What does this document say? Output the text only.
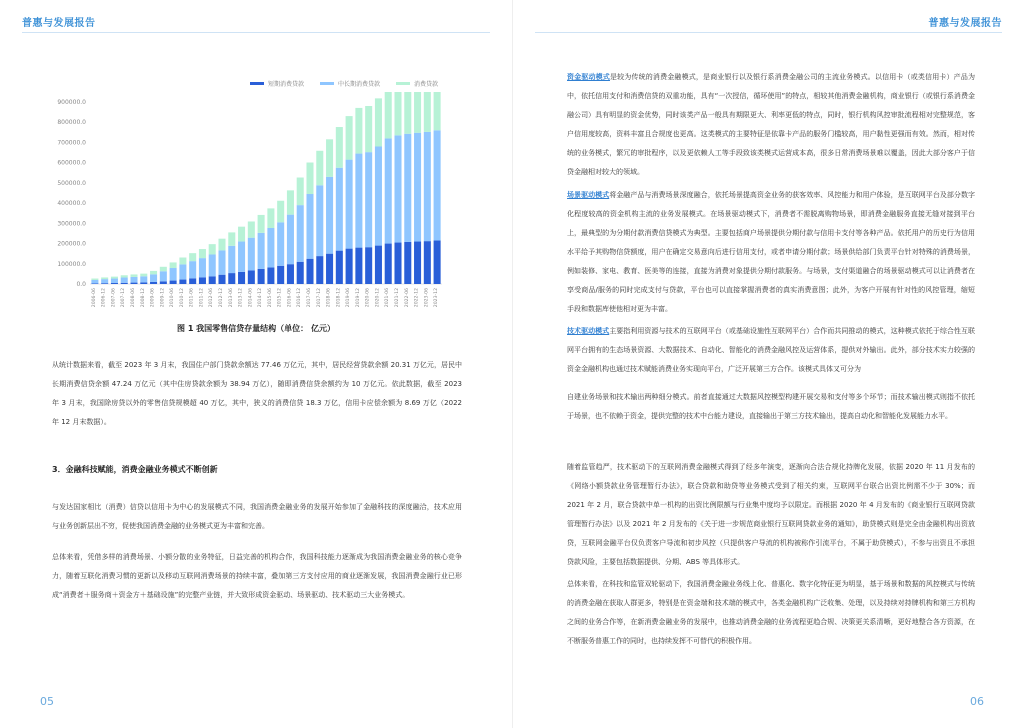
普惠与发展报告
短期消费贷款	中长期消费贷款	消费贷款
900000.0
800000.0
700000.0
600000.0
500000.0
400000.0
300000.0
200000.0
100000.0
0.0
2006-06 2006-12 2007-06 2007-12 2008-06 2008-12 2009-06 2009-12 2010-06 2010-12 2011-06 2011-12 2012-06 2012-12 2013-06 2013-12 2014-06 2014-12 2015-06 2015-12 2016-06 2016-12 2017-06 2017-12 2018-06 2018-12 2019-06 2019-12 2020-06 2020-12 2021-06 2021-12 2022-06 2022-12 2023-06 2023-12
图 1 我国零售信贷存量结构（单位： 亿元）
从统计数据来看，截至 2023 年 3 月末，我国住户部门贷款余额达 77.46 万亿元，其中，居民经营贷款余额 20.31 万亿元，居民中长期消费信贷余额 47.24 万亿元（其中住房贷款余额为 38.94 万亿），随即消费信贷余额约为 10 万亿元。依此数据，截至 2023 年 3 月末，我国除房贷以外的零售信贷规模超 40 万亿，其中，狭义的消费信贷 18.3 万亿，信用卡应偿余额为 8.69 万亿（2022 年 12 月末数据）。
3．金融科技赋能，消费金融业务模式不断创新
与发达国家相比（消费）信贷以信用卡为中心的发展模式不同，我国消费金融业务的发展开始参加了金融科技的深度融洽，技术应用与业务创新层出不穷，促使我国消费金融的业务模式更为丰富和完善。
总体来看，凭借多样的消费场景、小额分散的业务特征，日益完善的机构合作，我国科技能力逐渐成为我国消费金融业务的核心竞争力，随着互联化消费习惯的更新以及移动互联网消费场景的持续丰富，叠加第三方支付应用的商业逐渐发展，我国消费金融行业已形成“消费者＋服务商＋资金方＋基础设施”的完整产业链，并大致形成资金驱动、场景驱动、技术驱动三大业务模式。
05
普惠与发展报告
资金驱动模式是较为传统的消费金融模式，是商业银行以及银行系消费金融公司的主流业务模式。以信用卡（或类信用卡）产品为中，依托信用支付和消费信贷的双重功能，具有“一次授信，循环使用”的特点，相较其他消费金融机构，商业银行（或银行系消费金融公司）具有明显的资金优势，同时该类产品一般具有期限更大、利率更低的特点，同时，银行机构风控审批流程相对完整规范，客户信用度较高，资料丰富且合规度也更高。这类模式的主要特征是依靠卡产品的服务门槛较高，用户黏性更强而有效。然而，相对传统的业务模式，繁冗的审批程序，以及更依赖人工等手段致该类模式运营成本高，很多日常消费场景难以覆盖，因此大部分客户于信贷金融相对较大的领域。
场景驱动模式将金融产品与消费场景深度融合，依托场景提高资金业务的获客效率、风控能力和用户体验，是互联网平台及部分数字化程度较高的资金机构主流的业务发展模式。在场景驱动模式下，消费者不需脱离购物场景，即消费金融服务直接无缝对接到平台上，最典型的为分期付款消费信贷模式为典型。主要包括商户场景提供分期付款与信用卡支付等各种产品。依托用户的历史行为信用水平给予其购物信贷额度，用户在确定交易意向后进行信用支付，或者申请分期付款；场景供给部门负责平台针对特殊的消费场景，例如装修、家电、教育、医美等的连接，直接为消费对象提供分期付款服务。与场景，支付渠道融合的场景驱动模式可以让消费者在享受商品/服务的同时完成支付与贷款，平台也可以直接掌握消费者的真实消费意图；此外，为客户开展有针对性的风控管理，缩短手段和数据库使他相对更为丰富。
技术驱动模式主要指利用资源与技术的互联网平台（或基础设施性互联网平台）合作而共同推动的模式，这种模式依托于综合性互联网平台拥有的生态场景资源、大数据技术、自动化、智能化的消费金融风控及运营体系，提供对外输出。此外，部分技术实力较强的资金金融机构也通过技术赋能消费业务实现向平台，广泛开展第三方合作。该模式具体又可分为
自建业务场景和技术输出两种细分模式。前者直接通过大数据风控模型构建开展交易和支付等多个环节；而技术输出模式则指不依托于场景，也不依赖于资金，提供完整的技术中台能力建设，直接输出于第三方技术输出，提高自动化和智能化发展能力水平。
随着监管趋严，技术驱动下的互联网消费金融模式得到了经多年演变，逐渐向合法合规化持牌化发展，依据 2020 年 11 月发布的《网络小额贷款业务管理暂行办法》，联合贷款和助贷等业务模式受到了相关约束，互联网平台联合出资比例需不少于 30%；而 2021 年 2 月，联合贷款中单一机构的出资比例限额与行业集中度均予以限定。而根据 2020 年 4 月发布的《商业银行互联网贷款管理暂行办法》以及 2021 年 2 月发布的《关于进一步规范商业银行互联网贷款业务的通知》，助贷模式则是完全由金融机构出资放贷，互联网金融平台仅负责客户导流和初步风控（只提供客户导流的机构被称作引流平台，不属于助贷模式），不参与出资且不承担贷款风险，主要包括数据提供、分期、ABS 等具体形式。
总体来看，在科技和监管双轮驱动下，我国消费金融业务线上化、普惠化、数字化特征更为明显，基于场景和数据的风控模式与传统的消费金融在获取人群更多，特别是在资金端和技术端的模式中，各类金融机构广泛收集、处理，以及持续对持牌机构和第三方机构之间的业务合作等，在新消费金融业务的发展中，也推动消费金融的业务流程更趋合规、决策更关系清晰，更好地整合各方资源，在不断服务普惠工作的同时，也持续发挥不可替代的积极作用。
06
